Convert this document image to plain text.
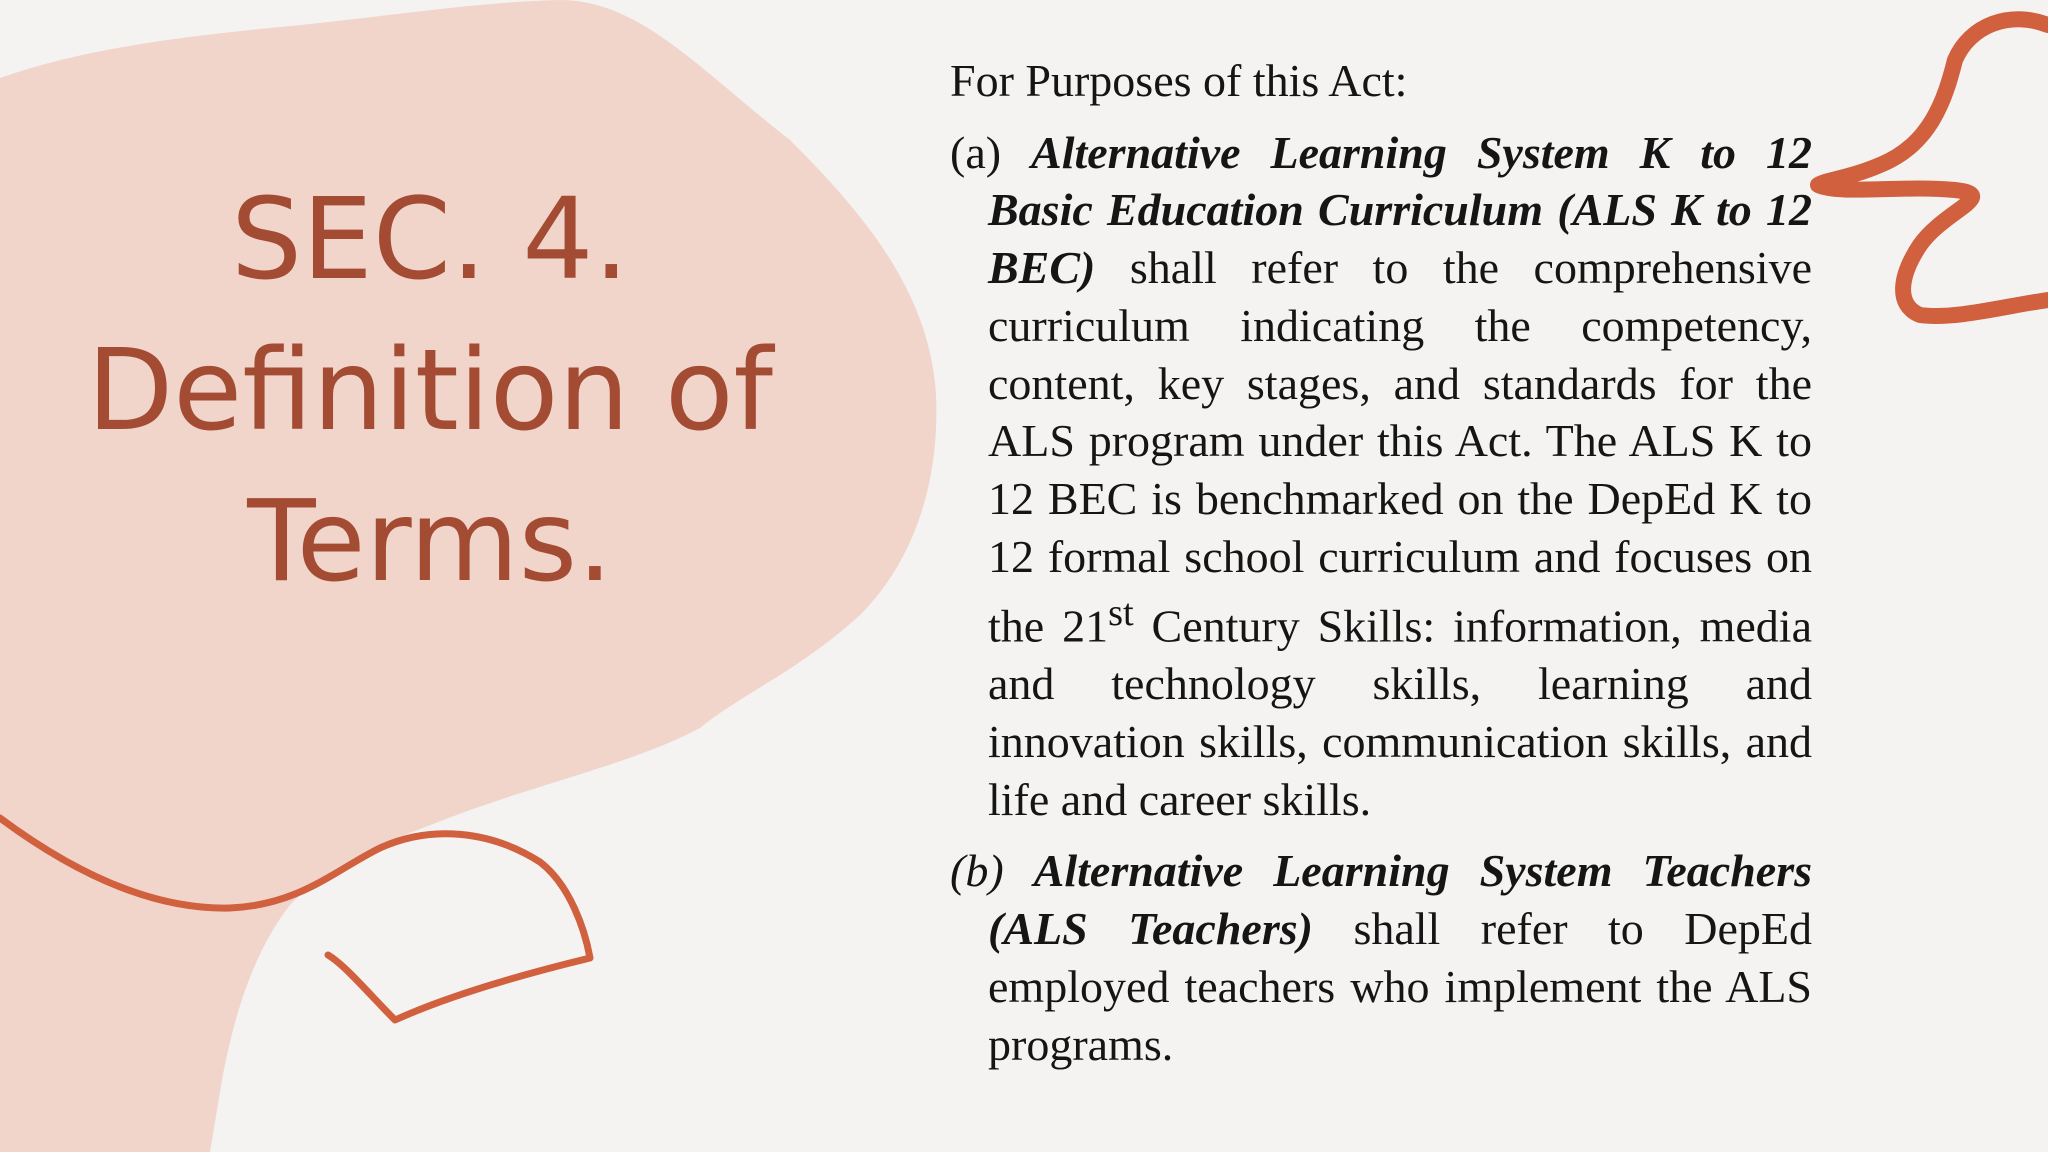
SEC. 4.
Definition of
Terms.

For Purposes of this Act:

(a) Alternative Learning System K to 12 Basic Education Curriculum (ALS K to 12 BEC) shall refer to the comprehensive curriculum indicating the competency, content, key stages, and standards for the ALS program under this Act. The ALS K to 12 BEC is benchmarked on the DepEd K to 12 formal school curriculum and focuses on the 21st Century Skills: information, media and technology skills, learning and innovation skills, communication skills, and life and career skills.

(b) Alternative Learning System Teachers (ALS Teachers) shall refer to DepEd employed teachers who implement the ALS programs.
